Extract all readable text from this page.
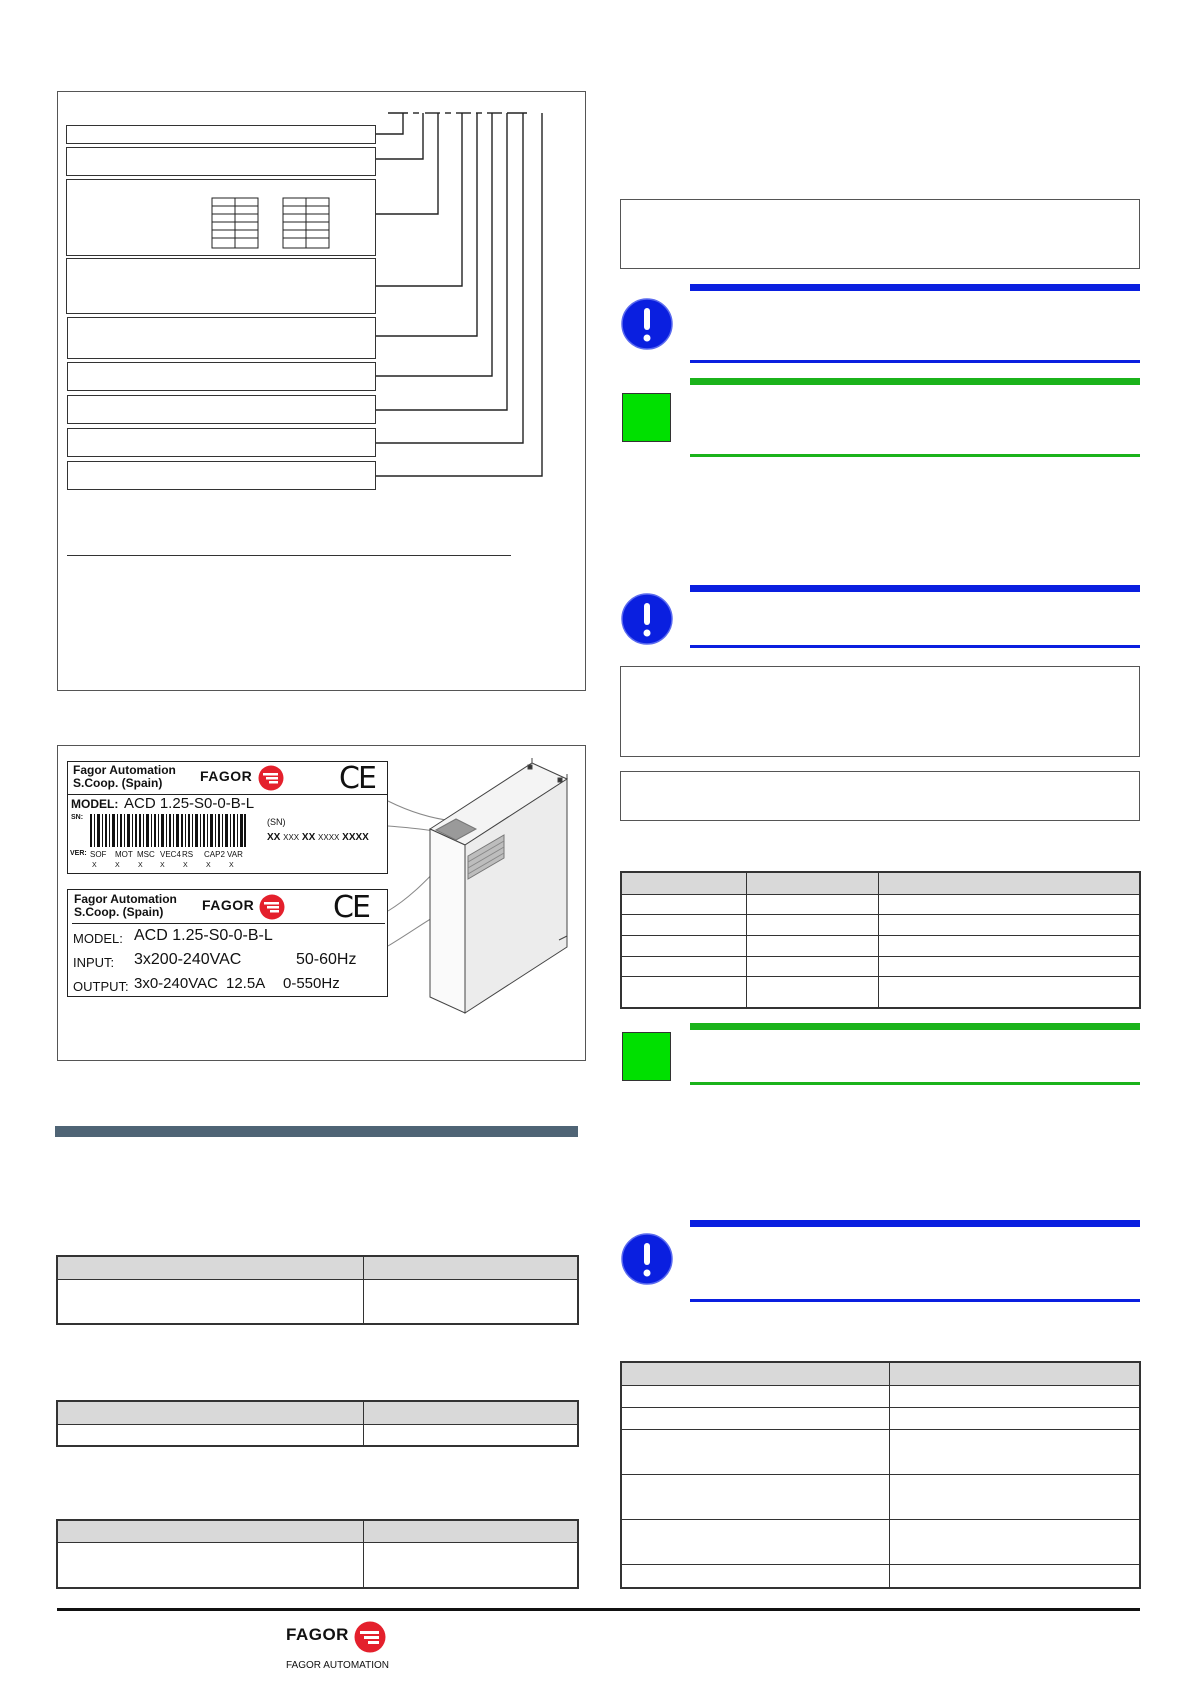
Fagor Automation
S.Coop. (Spain)	FAGOR	CE
MODEL: ACD 1.25-S0-0-B-L
SN:	(SN)
XX XXX XX XXXX XXXX
VER: SOF MOT MSC VEC4 RS CAP2 VAR
X	X	X X	X	X	X
Fagor Automation
S.Coop. (Spain)	FAGOR	CE
MODEL: ACD 1.25-S0-0-B-L
INPUT: 3x200-240VAC	50-60Hz
OUTPUT: 3x0-240VAC 12.5A 0-550Hz

FAGOR
FAGOR AUTOMATION
